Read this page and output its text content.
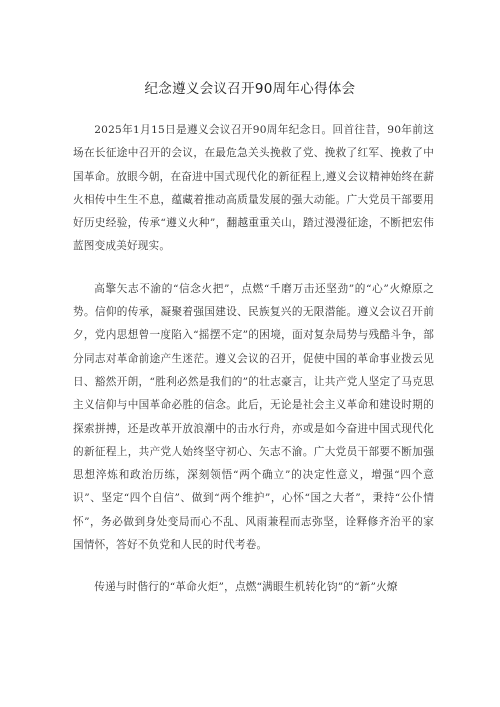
纪念遵义会议召开90周年心得体会

2025年1月15日是遵义会议召开90周年纪念日。回首往昔，90年前这场在长征途中召开的会议，在最危急关头挽救了党、挽救了红军、挽救了中国革命。放眼今朝，在奋进中国式现代化的新征程上,遵义会议精神始终在薪火相传中生生不息，蕴藏着推动高质量发展的强大动能。广大党员干部要用好历史经验，传承“遵义火种”，翻越重重关山，踏过漫漫征途，不断把宏伟蓝图变成美好现实。

高擎矢志不渝的“信念火把”，点燃“千磨万击还坚劲”的“心”火燎原之势。信仰的传承，凝聚着强国建设、民族复兴的无限潜能。遵义会议召开前夕，党内思想曾一度陷入“摇摆不定”的困境，面对复杂局势与残酷斗争，部分同志对革命前途产生迷茫。遵义会议的召开，促使中国的革命事业拨云见日、豁然开朗，“胜利必然是我们的”的壮志豪言，让共产党人坚定了马克思主义信仰与中国革命必胜的信念。此后，无论是社会主义革命和建设时期的探索拼搏，还是改革开放浪潮中的击水行舟，亦或是如今奋进中国式现代化的新征程上，共产党人始终坚守初心、矢志不渝。广大党员干部要不断加强思想淬炼和政治历练，深刻领悟“两个确立”的决定性意义，增强“四个意识”、坚定“四个自信”、做到“两个维护”，心怀“国之大者”，秉持“公仆情怀”，务必做到身处变局而心不乱、风雨兼程而志弥坚，诠释修齐治平的家国情怀，答好不负党和人民的时代考卷。

传递与时偕行的“革命火炬”，点燃“满眼生机转化钧”的“新”火燎
